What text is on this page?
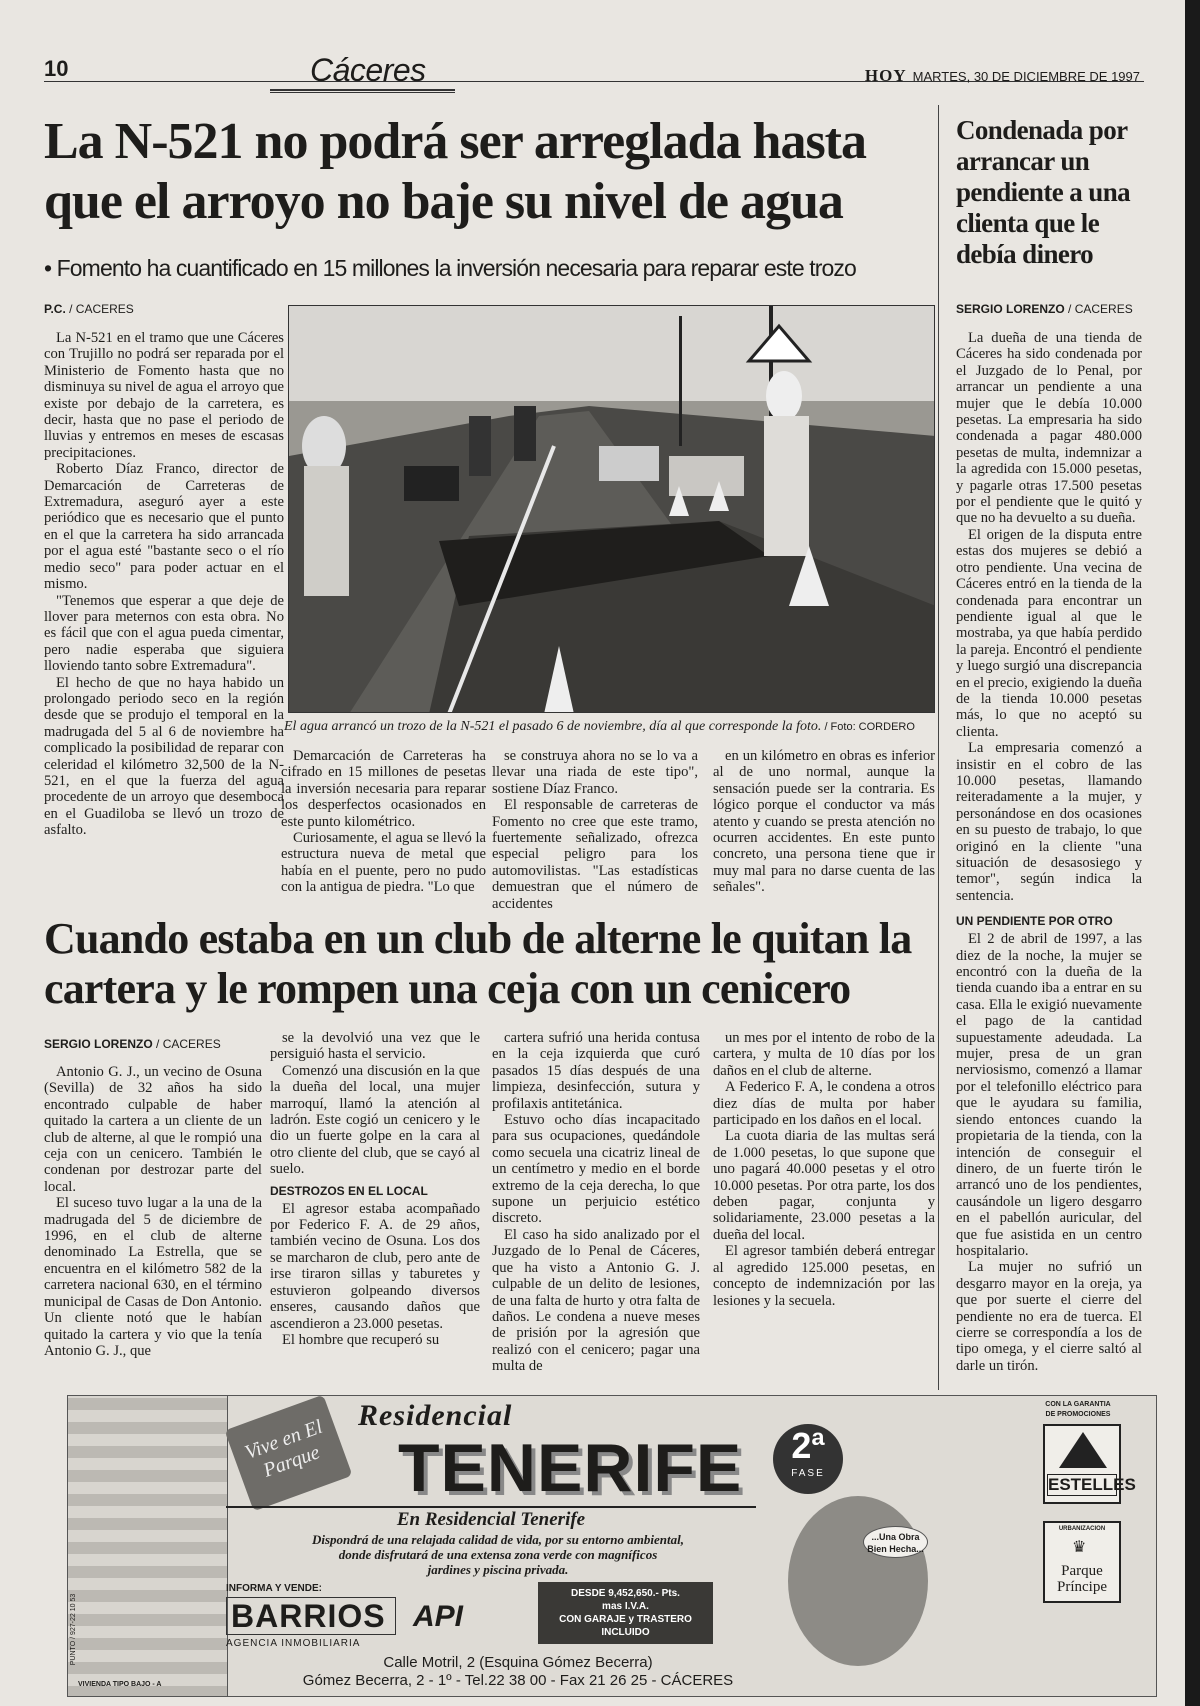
10	Cáceres	HOY MARTES, 30 DE DICIEMBRE DE 1997
La N-521 no podrá ser arreglada hasta que el arroyo no baje su nivel de agua
• Fomento ha cuantificado en 15 millones la inversión necesaria para reparar este trozo
P.C. / CACERES

La N-521 en el tramo que une Cáceres con Trujillo no podrá ser reparada por el Ministerio de Fomento hasta que no disminuya su nivel de agua el arroyo que existe por debajo de la carretera, es decir, hasta que no pase el periodo de lluvias y entremos en meses de escasas precipitaciones.

Roberto Díaz Franco, director de Demarcación de Carreteras de Extremadura, aseguró ayer a este periódico que es necesario que el punto en el que la carretera ha sido arrancada por el agua esté "bastante seco o el río medio seco" para poder actuar en el mismo.

"Tenemos que esperar a que deje de llover para meternos con esta obra. No es fácil que con el agua pueda cimentar, pero nadie esperaba que siguiera lloviendo tanto sobre Extremadura".

El hecho de que no haya habido un prolongado periodo seco en la región desde que se produjo el temporal en la madrugada del 5 al 6 de noviembre ha complicado la posibilidad de reparar con celeridad el kilómetro 32,500 de la N-521, en el que la fuerza del agua procedente de un arroyo que desemboca en el Guadiloba se llevó un trozo de asfalto.

El agua arrancó un trozo de la N-521 el pasado 6 de noviembre, día al que corresponde la foto. / Foto: CORDERO

Demarcación de Carreteras ha cifrado en 15 millones de pesetas la inversión necesaria para reparar los desperfectos ocasionados en este punto kilométrico.

Curiosamente, el agua se llevó la estructura nueva de metal que había en el puente, pero no pudo con la antigua de piedra. "Lo que

se construya ahora no se lo va a llevar una riada de este tipo", sostiene Díaz Franco.

El responsable de carreteras de Fomento no cree que este tramo, fuertemente señalizado, ofrezca especial peligro para los automovilistas. "Las estadísticas demuestran que el número de accidentes

en un kilómetro en obras es inferior al de uno normal, aunque la sensación puede ser la contraria. Es lógico porque el conductor va más atento y cuando se presta atención no ocurren accidentes. En este punto concreto, una persona tiene que ir muy mal para no darse cuenta de las señales".

Condenada por arrancar un pendiente a una clienta que le debía dinero
SERGIO LORENZO / CACERES

La dueña de una tienda de Cáceres ha sido condenada por el Juzgado de lo Penal, por arrancar un pendiente a una mujer que le debía 10.000 pesetas. La empresaria ha sido condenada a pagar 480.000 pesetas de multa, indemnizar a la agredida con 15.000 pesetas, y pagarle otras 17.500 pesetas por el pendiente que le quitó y que no ha devuelto a su dueña.

El origen de la disputa entre estas dos mujeres se debió a otro pendiente. Una vecina de Cáceres entró en la tienda de la condenada para encontrar un pendiente igual al que le mostraba, ya que había perdido la pareja. Encontró el pendiente y luego surgió una discrepancia en el precio, exigiendo la dueña de la tienda 10.000 pesetas más, lo que no aceptó su clienta.

La empresaria comenzó a insistir en el cobro de las 10.000 pesetas, llamando reiteradamente a la mujer, y personándose en dos ocasiones en su puesto de trabajo, lo que originó en la cliente "una situación de desasosiego y temor", según indica la sentencia.

UN PENDIENTE POR OTRO

El 2 de abril de 1997, a las diez de la noche, la mujer se encontró con la dueña de la tienda cuando iba a entrar en su casa. Ella le exigió nuevamente el pago de la cantidad supuestamente adeudada. La mujer, presa de un gran nerviosismo, comenzó a llamar por el telefonillo eléctrico para que le ayudara su familia, siendo entonces cuando la propietaria de la tienda, con la intención de conseguir el dinero, de un fuerte tirón le arrancó uno de los pendientes, causándole un ligero desgarro en el pabellón auricular, del que fue asistida en un centro hospitalario.

La mujer no sufrió un desgarro mayor en la oreja, ya que por suerte el cierre del pendiente no era de tuerca. El cierre se correspondía a los de tipo omega, y el cierre saltó al darle un tirón.

Cuando estaba en un club de alterne le quitan la cartera y le rompen una ceja con un cenicero
SERGIO LORENZO / CACERES

Antonio G. J., un vecino de Osuna (Sevilla) de 32 años ha sido encontrado culpable de haber quitado la cartera a un cliente de un club de alterne, al que le rompió una ceja con un cenicero. También le condenan por destrozar parte del local.

El suceso tuvo lugar a la una de la madrugada del 5 de diciembre de 1996, en el club de alterne denominado La Estrella, que se encuentra en el kilómetro 582 de la carretera nacional 630, en el término municipal de Casas de Don Antonio. Un cliente notó que le habían quitado la cartera y vio que la tenía Antonio G. J., que

se la devolvió una vez que le persiguió hasta el servicio.

Comenzó una discusión en la que la dueña del local, una mujer marroquí, llamó la atención al ladrón. Este cogió un cenicero y le dio un fuerte golpe en la cara al otro cliente del club, que se cayó al suelo.

DESTROZOS EN EL LOCAL

El agresor estaba acompañado por Federico F. A. de 29 años, también vecino de Osuna. Los dos se marcharon de club, pero ante de irse tiraron sillas y taburetes y estuvieron golpeando diversos enseres, causando daños que ascendieron a 23.000 pesetas.

El hombre que recuperó su

cartera sufrió una herida contusa en la ceja izquierda que curó pasados 15 días después de una limpieza, desinfección, sutura y profilaxis antitetánica.

Estuvo ocho días incapacitado para sus ocupaciones, quedándole como secuela una cicatriz lineal de un centímetro y medio en el borde extremo de la ceja derecha, lo que supone un perjuicio estético discreto.

El caso ha sido analizado por el Juzgado de lo Penal de Cáceres, que ha visto a Antonio G. J. culpable de un delito de lesiones, de una falta de hurto y otra falta de daños. Le condena a nueve meses de prisión por la agresión que realizó con el cenicero; pagar una multa de

un mes por el intento de robo de la cartera, y multa de 10 días por los daños en el club de alterne.

A Federico F. A, le condena a otros diez días de multa por haber participado en los daños en el local.

La cuota diaria de las multas será de 1.000 pesetas, lo que supone que uno pagará 40.000 pesetas y el otro 10.000 pesetas. Por otra parte, los dos deben pagar, conjunta y solidariamente, 23.000 pesetas a la dueña del local.

El agresor también deberá entregar al agredido 125.000 pesetas, en concepto de indemnización por las lesiones y la secuela.

VIVIENDA TIPO BAJO - A
PUNTO / 927-22 10 53
Vive en El Parque
Residencial
TENERIFE	2ª
FASE
En Residencial Tenerife
Dispondrá de una relajada calidad de vida, por su entorno ambiental,
donde disfrutará de una extensa zona verde con magníficos
jardines y piscina privada.
INFORMA Y VENDE:
BARRIOS
AGENCIA INMOBILIARIA
API
DESDE 9,452,650.- Pts.
mas I.V.A.
CON GARAJE y TRASTERO
INCLUIDO
Calle Motril, 2 (Esquina Gómez Becerra)
Gómez Becerra, 2 - 1º - Tel.22 38 00 - Fax 21 26 25 - CÁCERES
...Una Obra
Bien Hecha...
CON LA GARANTIA
DE PROMOCIONES
ESTELLES
URBANIZACION
♛
Parque
Príncipe
